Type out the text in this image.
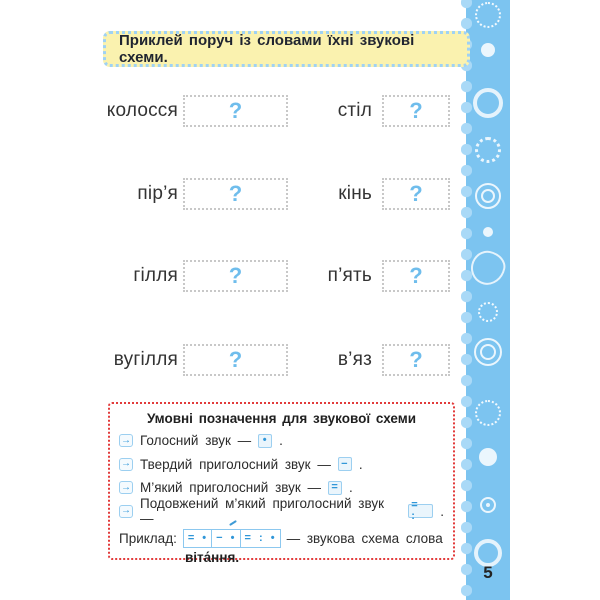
Приклей поруч із словами їхні звукові схеми.
колосся ?	стіл ?
пір’я ?	кінь ?
гілля ?	п’ять ?
вугілля ?	в’яз ?
Умовні позначення для звукової схеми
→ Голосний звук —	• .
→ Твердий приголосний звук — − .
→ М’який приголосний звук — = .
→ Подовжений м’який приголосний звук —
= :	.
Приклад:	= • − • = : • — звукова схема слова
віта́ння.
5
